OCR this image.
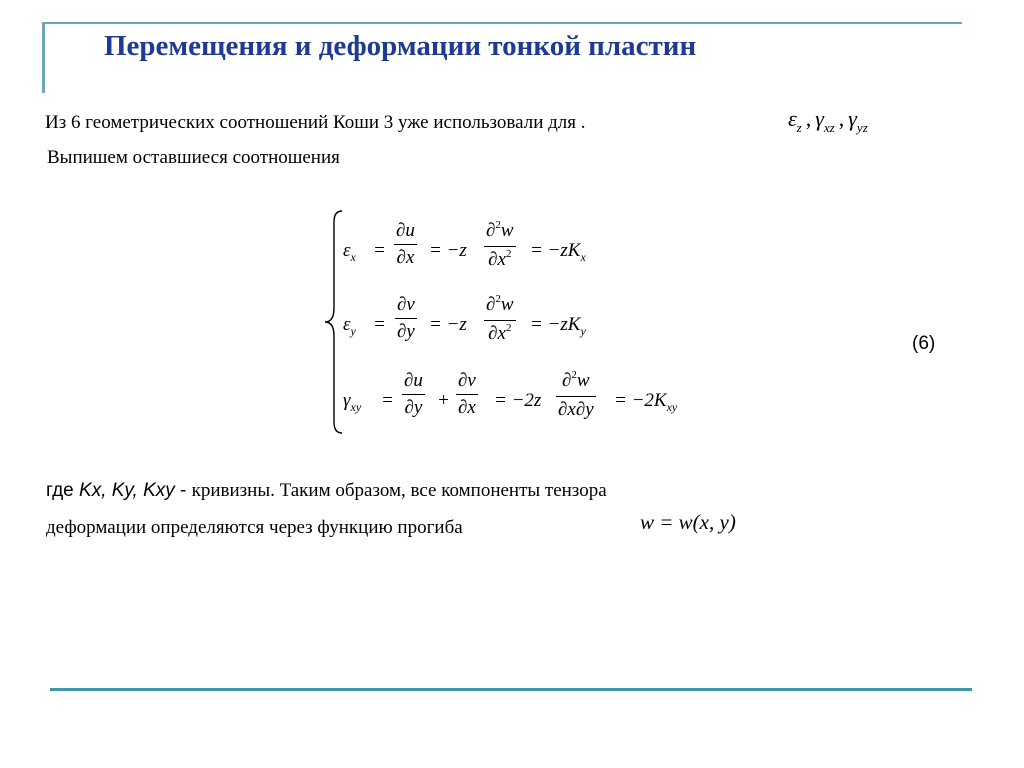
Перемещения и деформации тонкой пластин
Из 6 геометрических соотношений Коши 3 уже использовали для .	$\varepsilon_z$ , $\gamma_{xz}$ , $\gamma_{yz}$
Выпишем оставшиеся соотношения
$\varepsilon_x$ =
∂u
∂x = −z
∂$^2$w
$\partial x^2 = -zK_x$
$\varepsilon_y$ =
∂ν
∂y = −z
∂$^2$w
$\partial x^2 = -zK_y$
(6)
$\gamma_{xy}$ =
∂u
∂y +
∂ν
∂x = −2z
∂$^2$w
$\partial x\partial y = -2K_{xy}$
где Kx, Ky, Kxy - кривизны. Таким образом, все компоненты тензора
деформации определяются через функцию прогиба	w = w(x, y)
